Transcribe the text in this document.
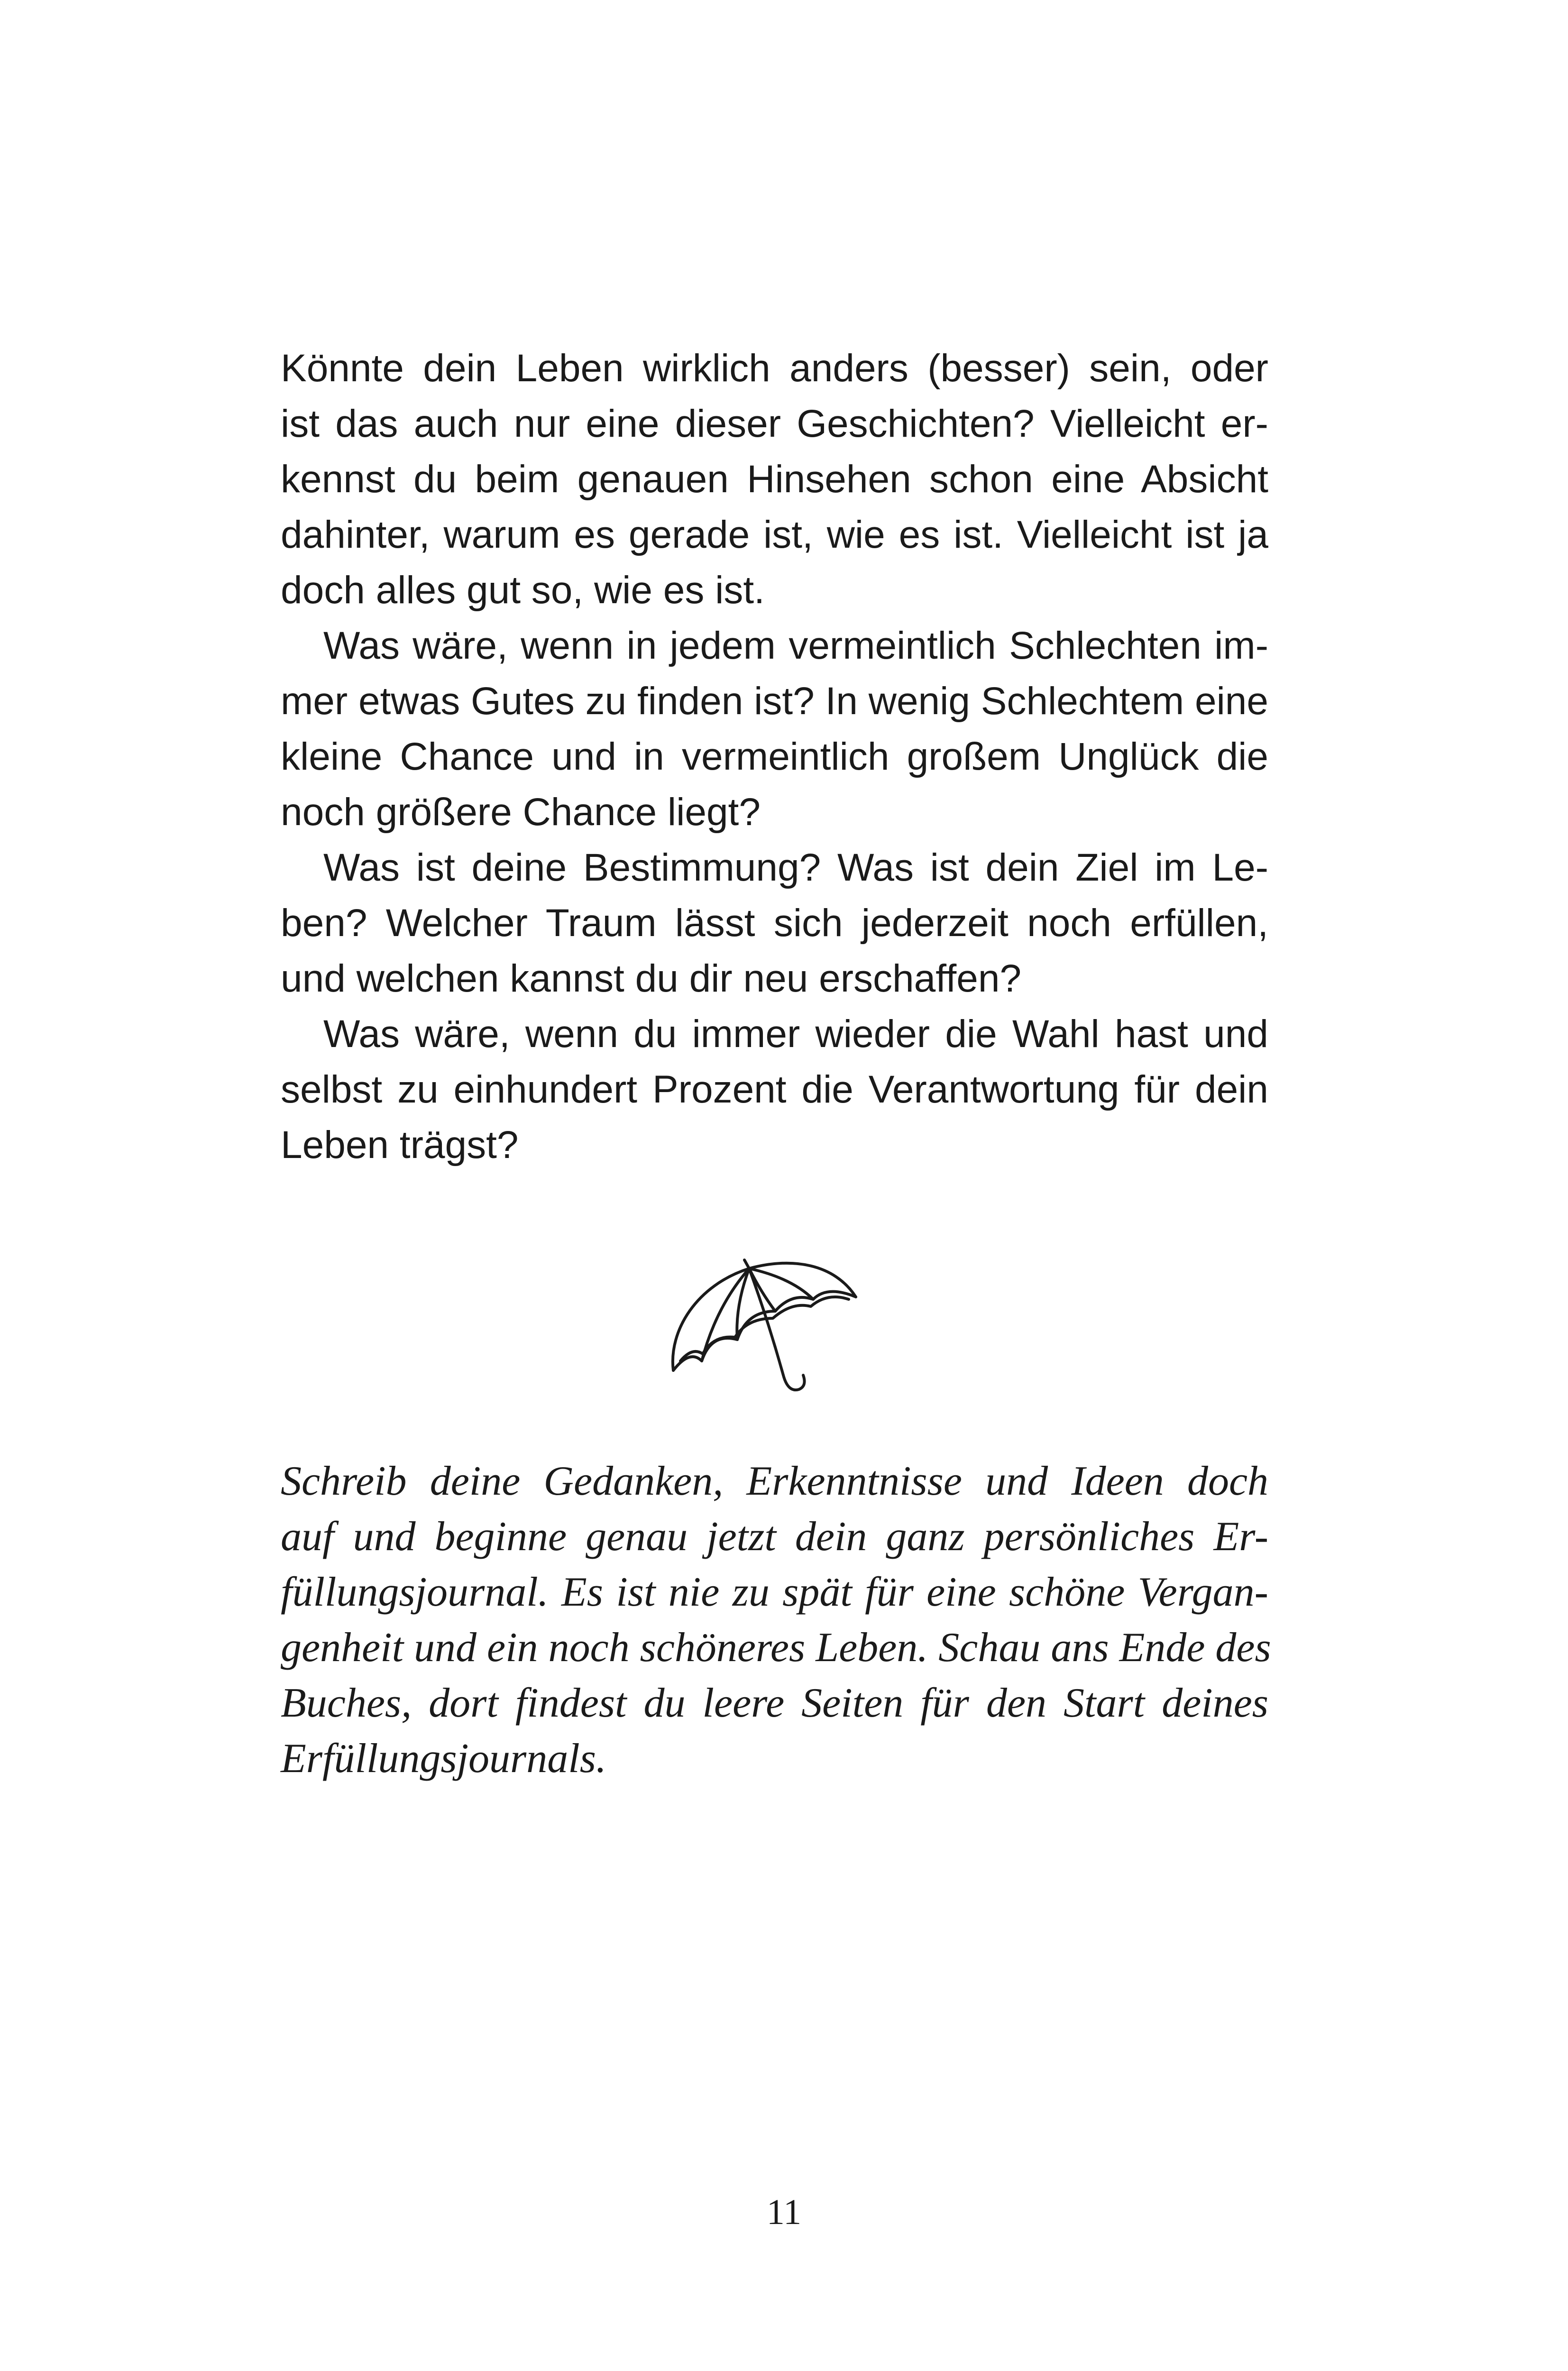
Könnte dein Leben wirklich anders (besser) sein, oder
ist das auch nur eine dieser Geschichten? Vielleicht er-
kennst du beim genauen Hinsehen schon eine Absicht
dahinter, warum es gerade ist, wie es ist. Vielleicht ist ja
doch alles gut so, wie es ist.
Was wäre, wenn in jedem vermeintlich Schlechten im-
mer etwas Gutes zu finden ist? In wenig Schlechtem eine
kleine Chance und in vermeintlich großem Unglück die
noch größere Chance liegt?
Was ist deine Bestimmung? Was ist dein Ziel im Le-
ben? Welcher Traum lässt sich jederzeit noch erfüllen,
und welchen kannst du dir neu erschaffen?
Was wäre, wenn du immer wieder die Wahl hast und
selbst zu einhundert Prozent die Verantwortung für dein
Leben trägst?
Schreib deine Gedanken, Erkenntnisse und Ideen doch
auf und beginne genau jetzt dein ganz persönliches Er-
füllungsjournal. Es ist nie zu spät für eine schöne Vergan-
genheit und ein noch schöneres Leben. Schau ans Ende des
Buches, dort findest du leere Seiten für den Start deines
Erfüllungsjournals.
11
